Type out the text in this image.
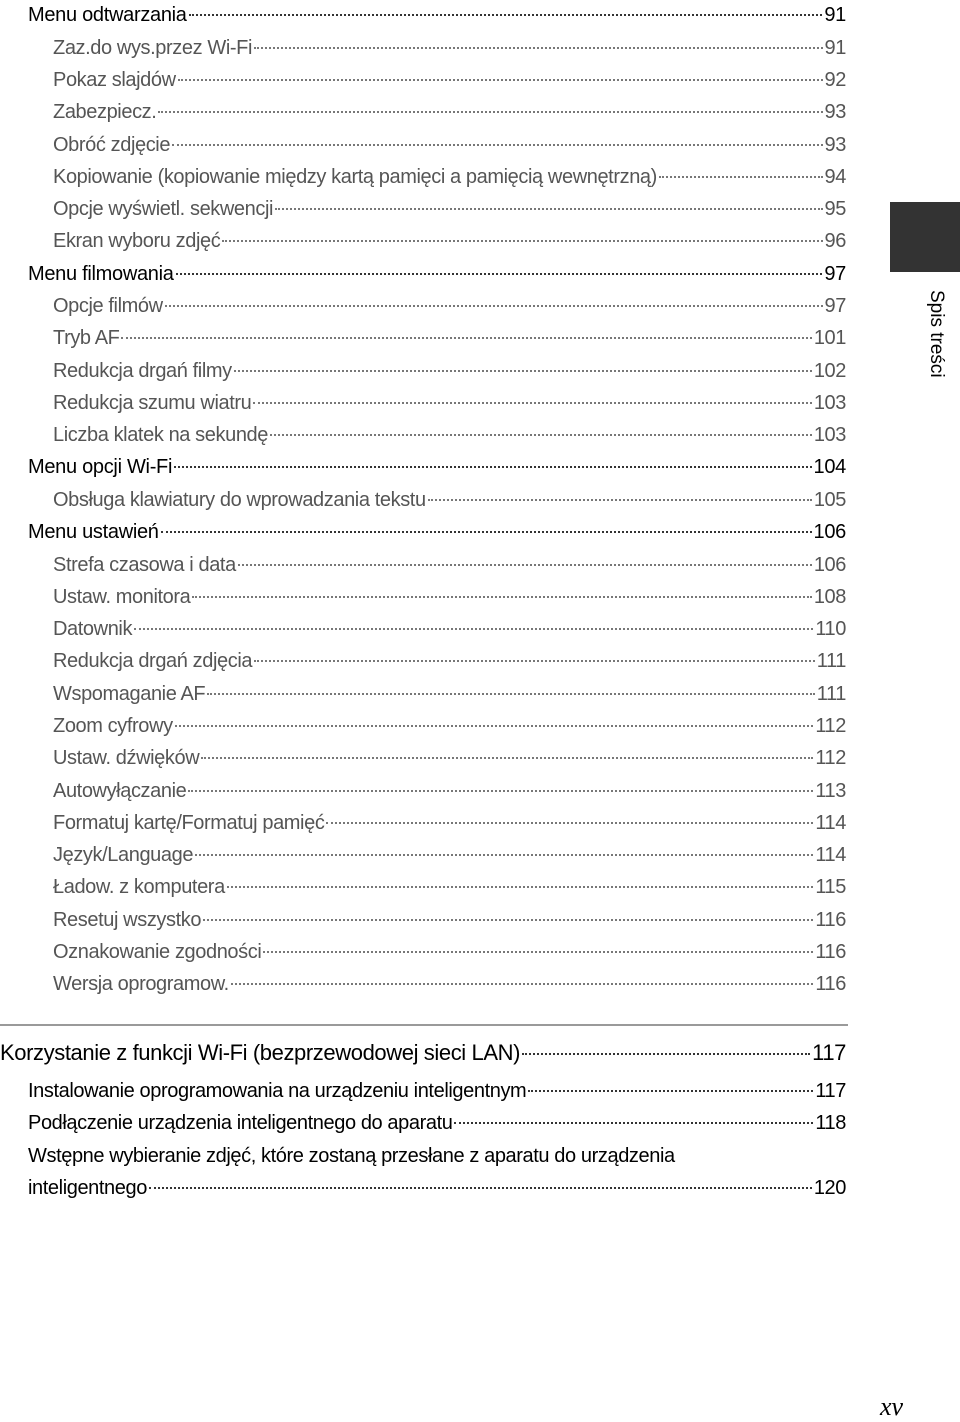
Menu odtwarzania	91
Zaz.do wys.przez Wi-Fi	91
Pokaz slajdów	92
Zabezpiecz.	93
Obróć zdjęcie	93
Kopiowanie (kopiowanie między kartą pamięci a pamięcią wewnętrzną)	94
Opcje wyświetl. sekwencji	95
Ekran wyboru zdjęć	96
Menu filmowania	97
Opcje filmów	97
Tryb AF	101
Redukcja drgań filmy	102
Redukcja szumu wiatru	103
Liczba klatek na sekundę	103
Menu opcji Wi-Fi	104
Obsługa klawiatury do wprowadzania tekstu	105
Menu ustawień	106
Strefa czasowa i data	106
Ustaw. monitora	108
Datownik	110
Redukcja drgań zdjęcia	111
Wspomaganie AF	111
Zoom cyfrowy	112
Ustaw. dźwięków	112
Autowyłączanie	113
Formatuj kartę/Formatuj pamięć	114
Język/Language	114
Ładow. z komputera	115
Resetuj wszystko	116
Oznakowanie zgodności	116
Wersja oprogramow.	116
Korzystanie z funkcji Wi-Fi (bezprzewodowej sieci LAN)	117
Instalowanie oprogramowania na urządzeniu inteligentnym	117
Podłączenie urządzenia inteligentnego do aparatu	118
Wstępne wybieranie zdjęć, które zostaną przesłane z aparatu do urządzenia
inteligentnego	120
Spis treści
xv
